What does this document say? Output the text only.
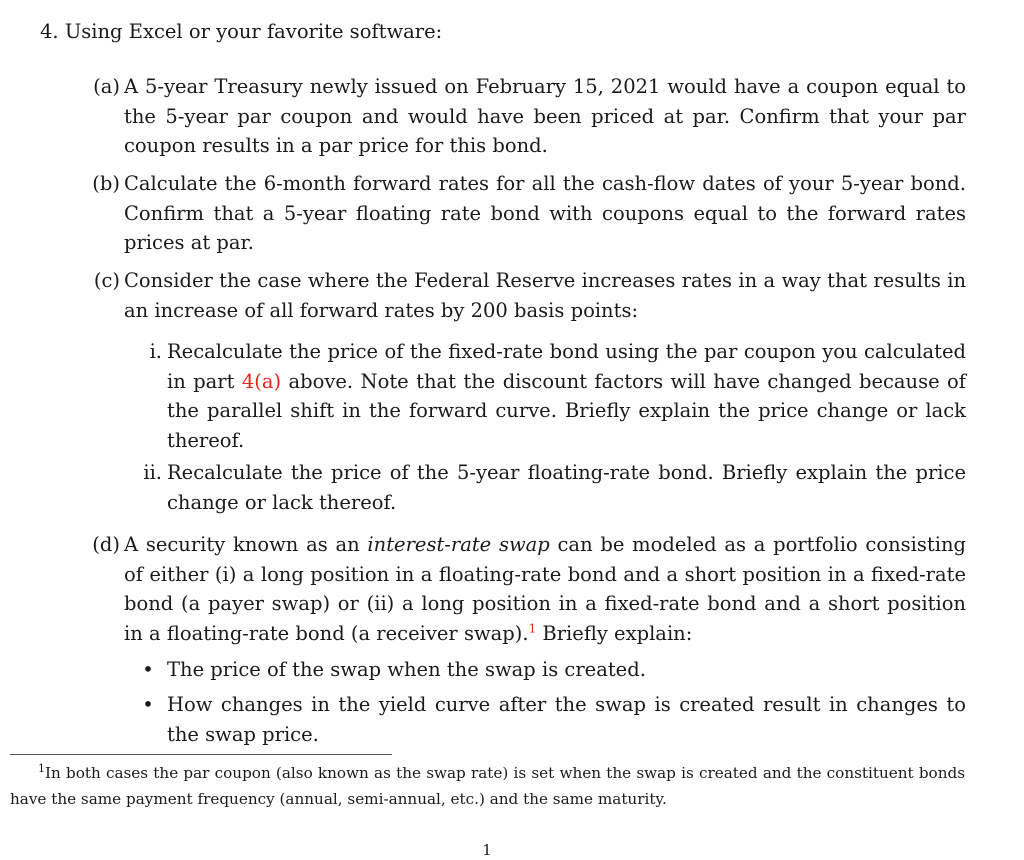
4. Using Excel or your favorite software:
(a) A 5-year Treasury newly issued on February 15, 2021 would have a coupon equal to the 5-year par coupon and would have been priced at par. Confirm that your par coupon results in a par price for this bond.
(b) Calculate the 6-month forward rates for all the cash-flow dates of your 5-year bond. Confirm that a 5-year floating rate bond with coupons equal to the forward rates prices at par.
(c) Consider the case where the Federal Reserve increases rates in a way that results in an increase of all forward rates by 200 basis points:
i. Recalculate the price of the fixed-rate bond using the par coupon you calculated in part 4(a) above. Note that the discount factors will have changed because of the parallel shift in the forward curve. Briefly explain the price change or lack thereof.
ii. Recalculate the price of the 5-year floating-rate bond. Briefly explain the price change or lack thereof.
(d) A security known as an interest-rate swap can be modeled as a portfolio consisting of either (i) a long position in a floating-rate bond and a short position in a fixed-rate bond (a payer swap) or (ii) a long position in a fixed-rate bond and a short position in a floating-rate bond (a receiver swap).$^1$ Briefly explain:
• The price of the swap when the swap is created.
• How changes in the yield curve after the swap is created result in changes to the swap price.
$^1$In both cases the par coupon (also known as the swap rate) is set when the swap is created and the constituent bonds have the same payment frequency (annual, semi-annual, etc.) and the same maturity.
1
